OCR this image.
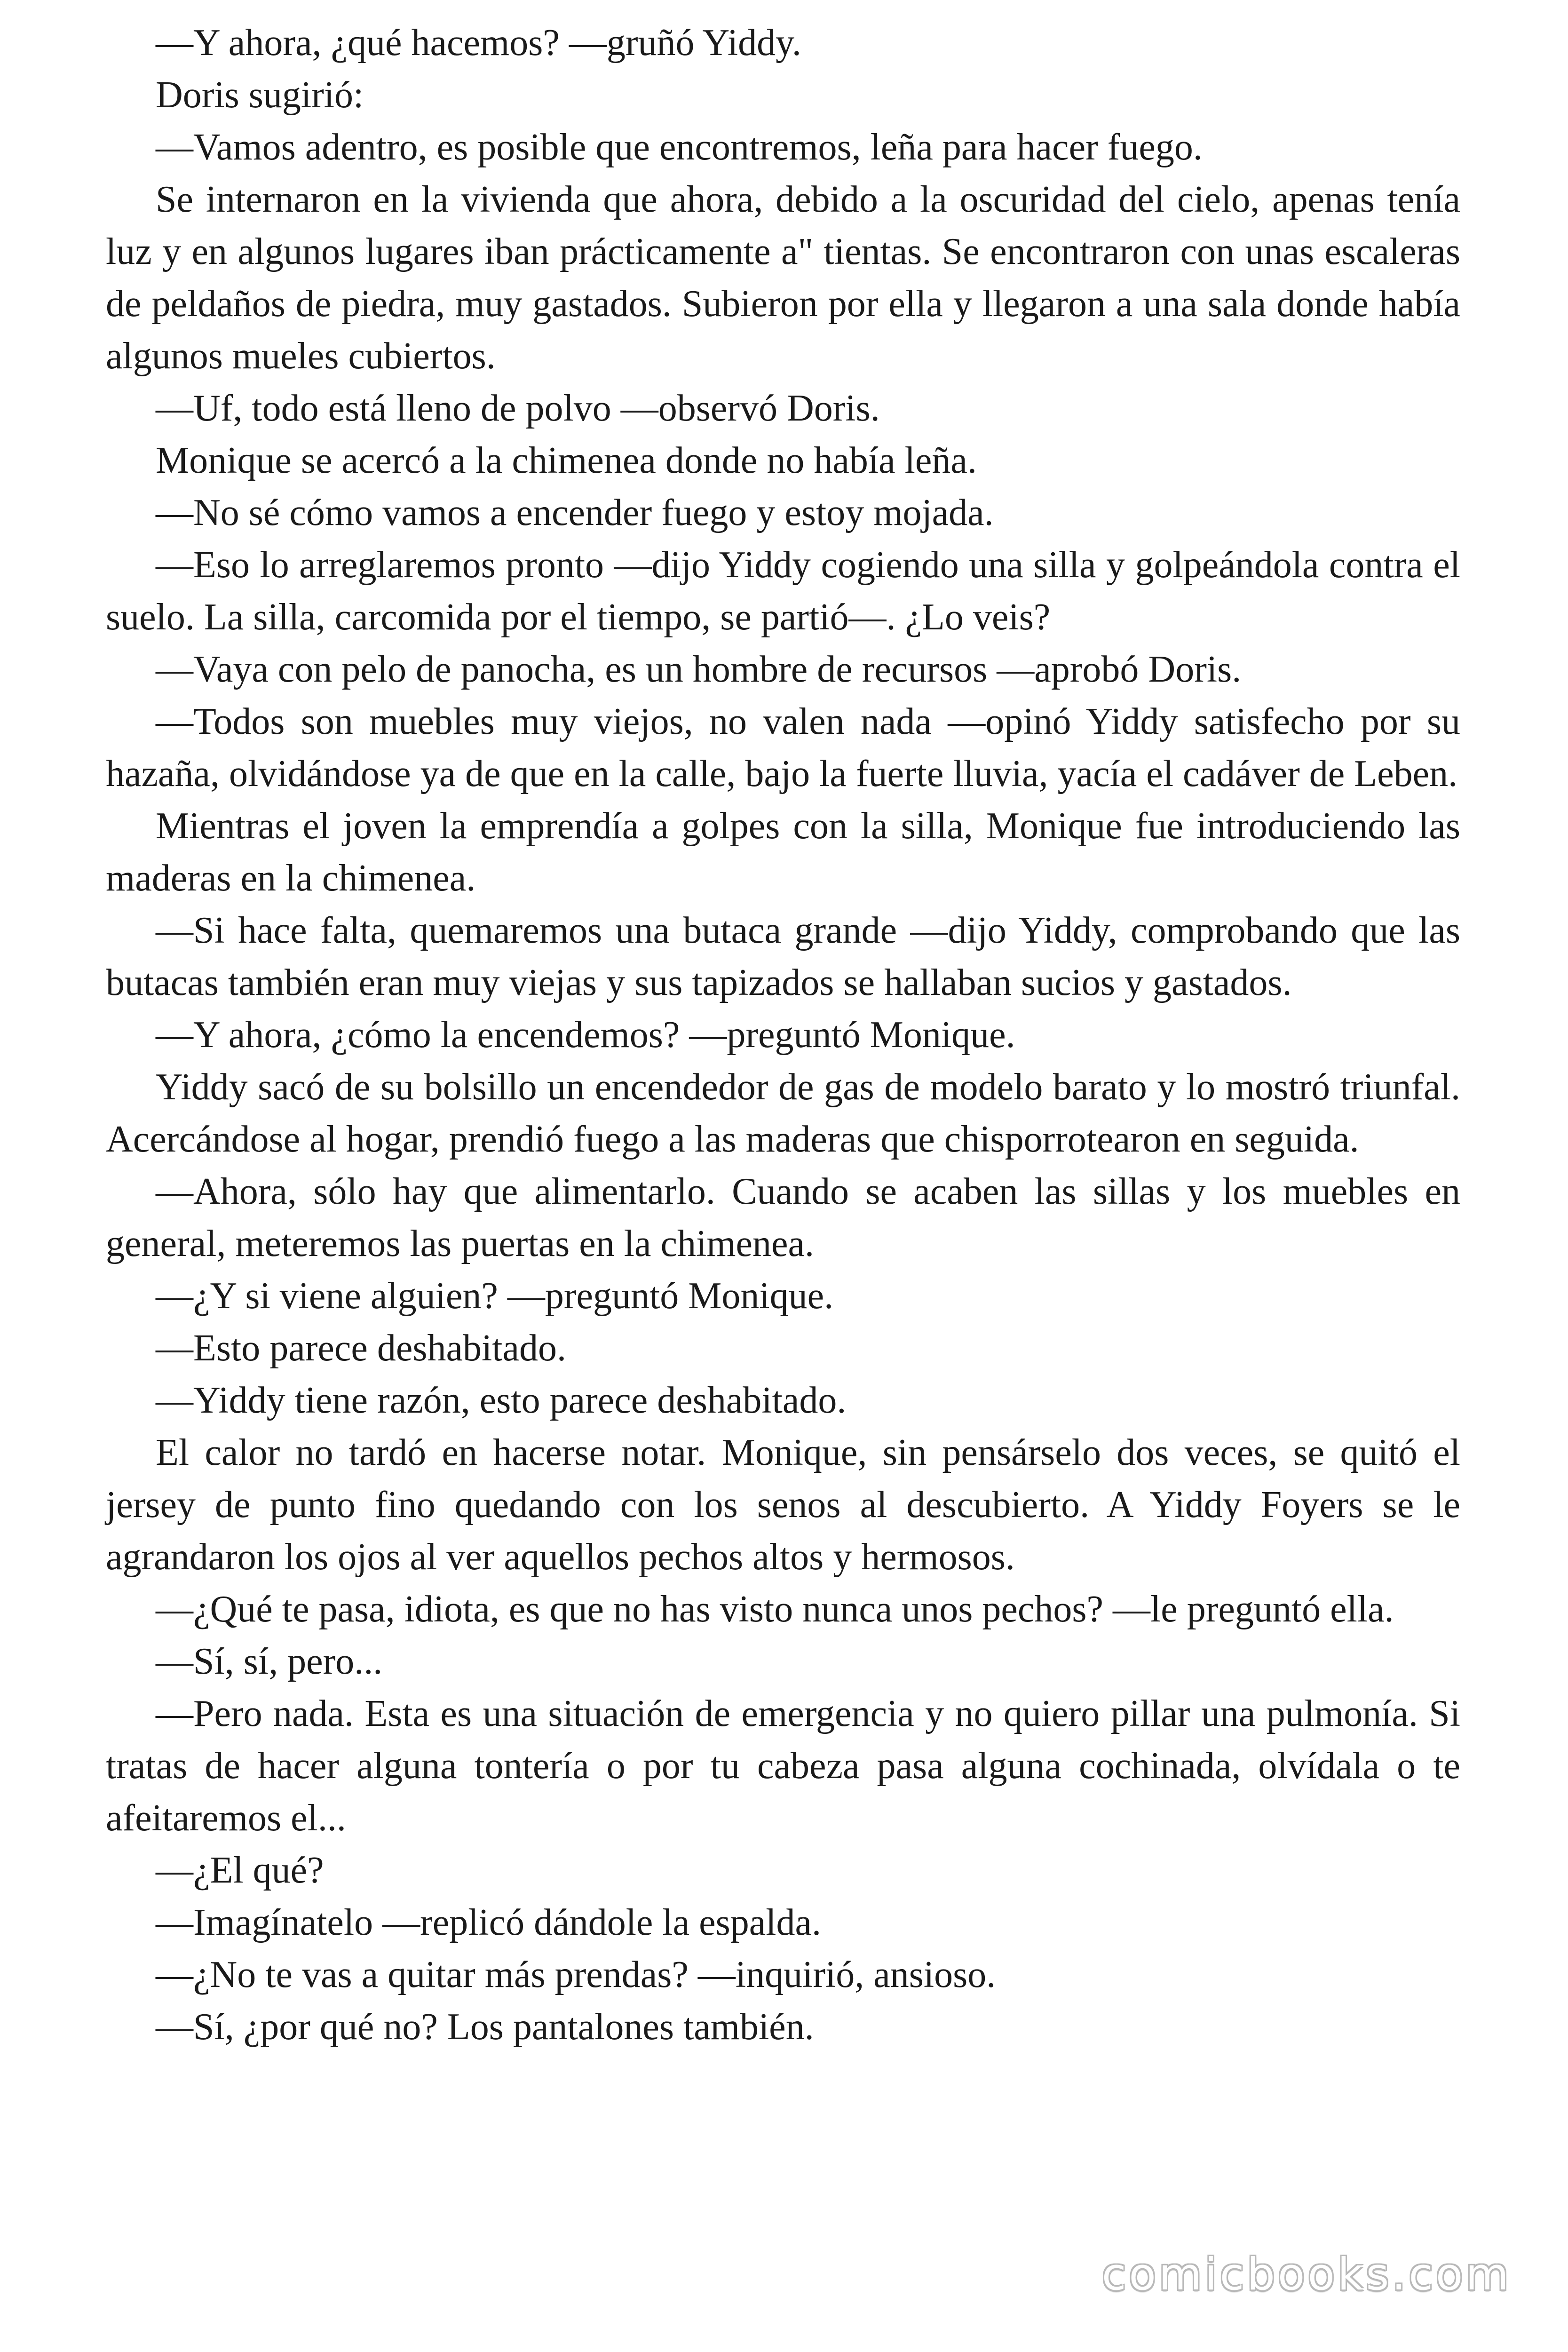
—Y ahora, ¿qué hacemos? —gruñó Yiddy.

Doris sugirió:

—Vamos adentro, es posible que encontremos, leña para hacer fuego.

Se internaron en la vivienda que ahora, debido a la oscuridad del cielo, apenas tenía luz y en algunos lugares iban prácticamente a" tientas. Se encontraron con unas escaleras de peldaños de piedra, muy gastados. Subieron por ella y llegaron a una sala donde había algunos mueles cubiertos.

—Uf, todo está lleno de polvo —observó Doris.

Monique se acercó a la chimenea donde no había leña.

—No sé cómo vamos a encender fuego y estoy mojada.

—Eso lo arreglaremos pronto —dijo Yiddy cogiendo una silla y golpeándola contra el suelo. La silla, carcomida por el tiempo, se partió—. ¿Lo veis?

—Vaya con pelo de panocha, es un hombre de recursos —aprobó Doris.

—Todos son muebles muy viejos, no valen nada —opinó Yiddy satisfecho por su hazaña, olvidándose ya de que en la calle, bajo la fuerte lluvia, yacía el cadáver de Leben.

Mientras el joven la emprendía a golpes con la silla, Monique fue introduciendo las maderas en la chimenea.

—Si hace falta, quemaremos una butaca grande —dijo Yiddy, comprobando que las butacas también eran muy viejas y sus tapizados se hallaban sucios y gastados.

—Y ahora, ¿cómo la encendemos? —preguntó Monique.

Yiddy sacó de su bolsillo un encendedor de gas de modelo barato y lo mostró triunfal. Acercándose al hogar, prendió fuego a las maderas que chisporrotearon en seguida.

—Ahora, sólo hay que alimentarlo. Cuando se acaben las sillas y los muebles en general, meteremos las puertas en la chimenea.

—¿Y si viene alguien? —preguntó Monique.

—Esto parece deshabitado.

—Yiddy tiene razón, esto parece deshabitado.

El calor no tardó en hacerse notar. Monique, sin pensárselo dos veces, se quitó el jersey de punto fino quedando con los senos al descubierto. A Yiddy Foyers se le agrandaron los ojos al ver aquellos pechos altos y hermosos.

—¿Qué te pasa, idiota, es que no has visto nunca unos pechos? —le preguntó ella.

—Sí, sí, pero...

—Pero nada. Esta es una situación de emergencia y no quiero pillar una pulmonía. Si tratas de hacer alguna tontería o por tu cabeza pasa alguna cochinada, olvídala o te afeitaremos el...

—¿El qué?

—Imagínatelo —replicó dándole la espalda.

—¿No te vas a quitar más prendas? —inquirió, ansioso.

—Sí, ¿por qué no? Los pantalones también.

comicbooks.com
